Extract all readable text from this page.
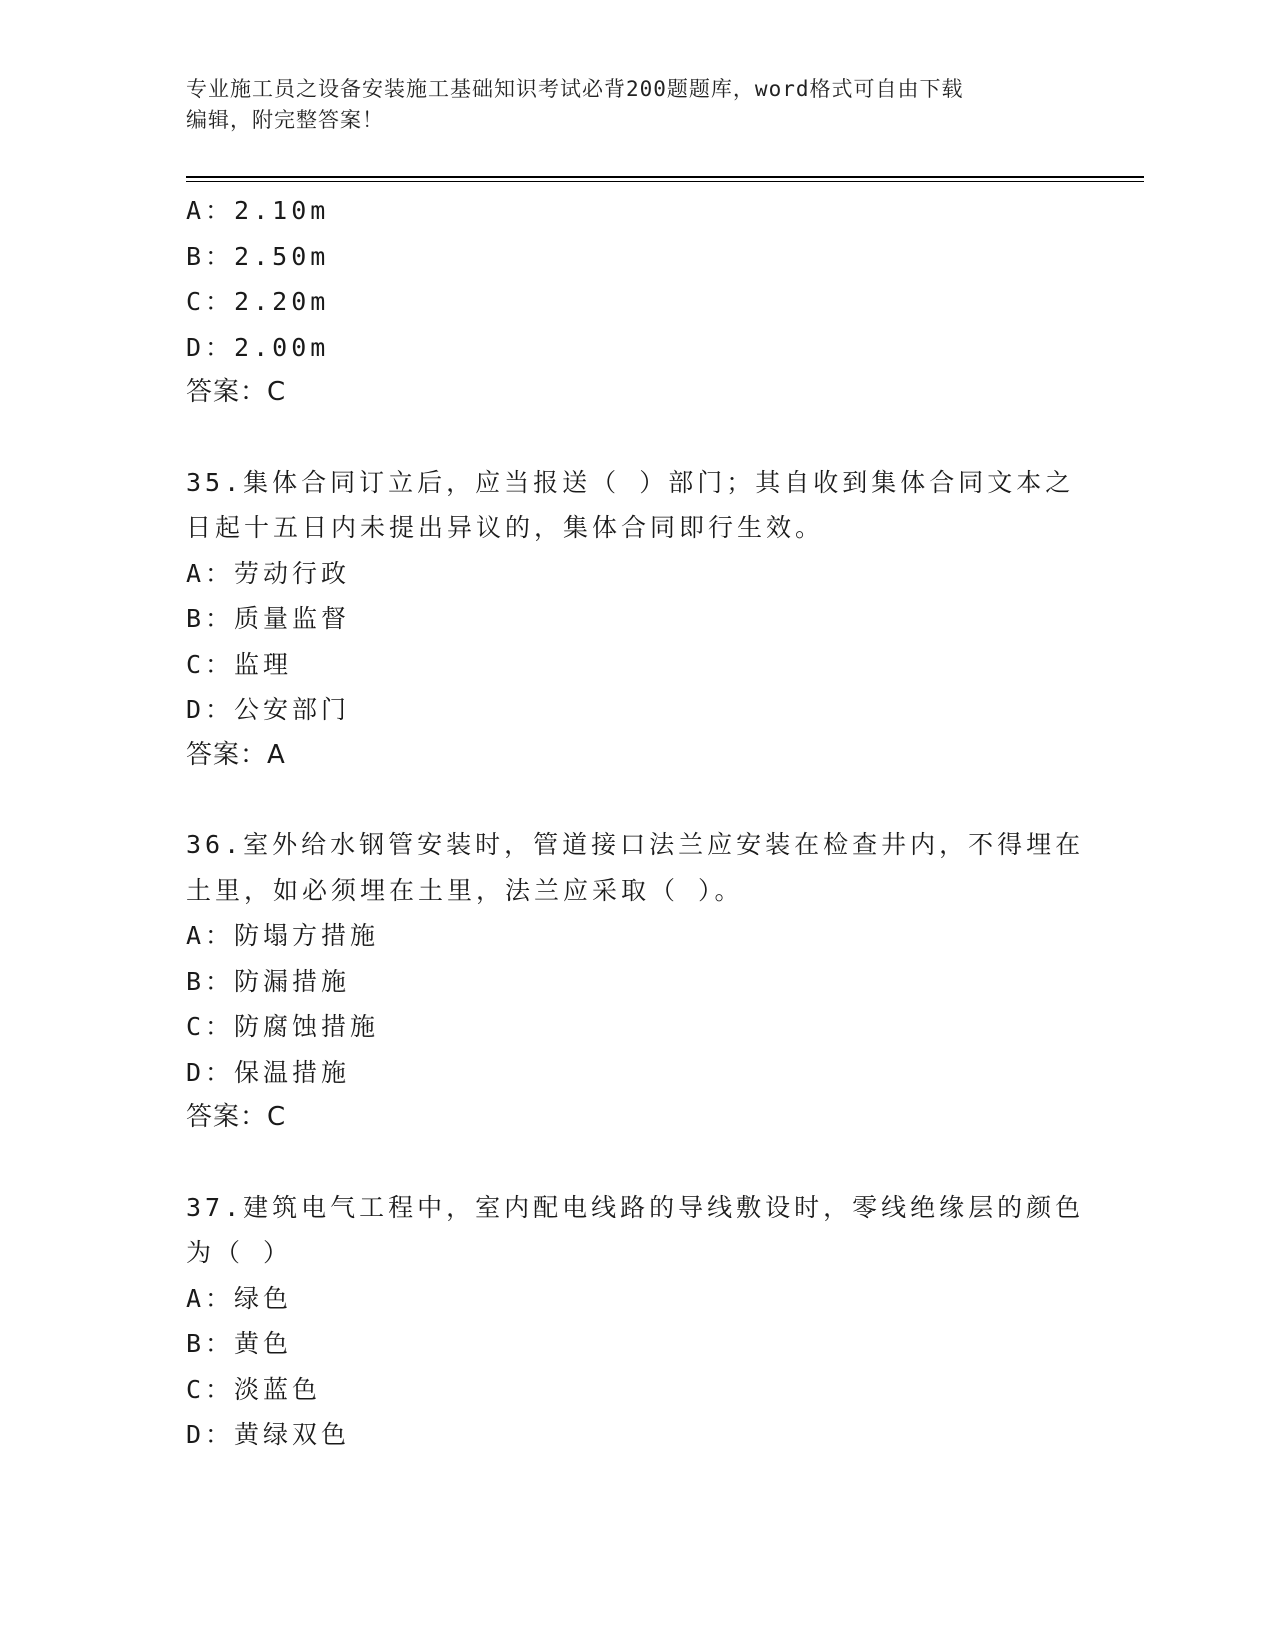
专业施工员之设备安装施工基础知识考试必背200题题库，word格式可自由下载
编辑，附完整答案！
A：2.10m
B：2.50m
C：2.20m
D：2.00m
答案：C
35.集体合同订立后，应当报送（ ）部门；其自收到集体合同文本之
日起十五日内未提出异议的，集体合同即行生效。
A：劳动行政
B：质量监督
C：监理
D：公安部门
答案：A
36.室外给水钢管安装时，管道接口法兰应安装在检查井内，不得埋在
土里，如必须埋在土里，法兰应采取（ ）。
A：防塌方措施
B：防漏措施
C：防腐蚀措施
D：保温措施
答案：C
37.建筑电气工程中，室内配电线路的导线敷设时，零线绝缘层的颜色
为（ ）
A：绿色
B：黄色
C：淡蓝色
D：黄绿双色
